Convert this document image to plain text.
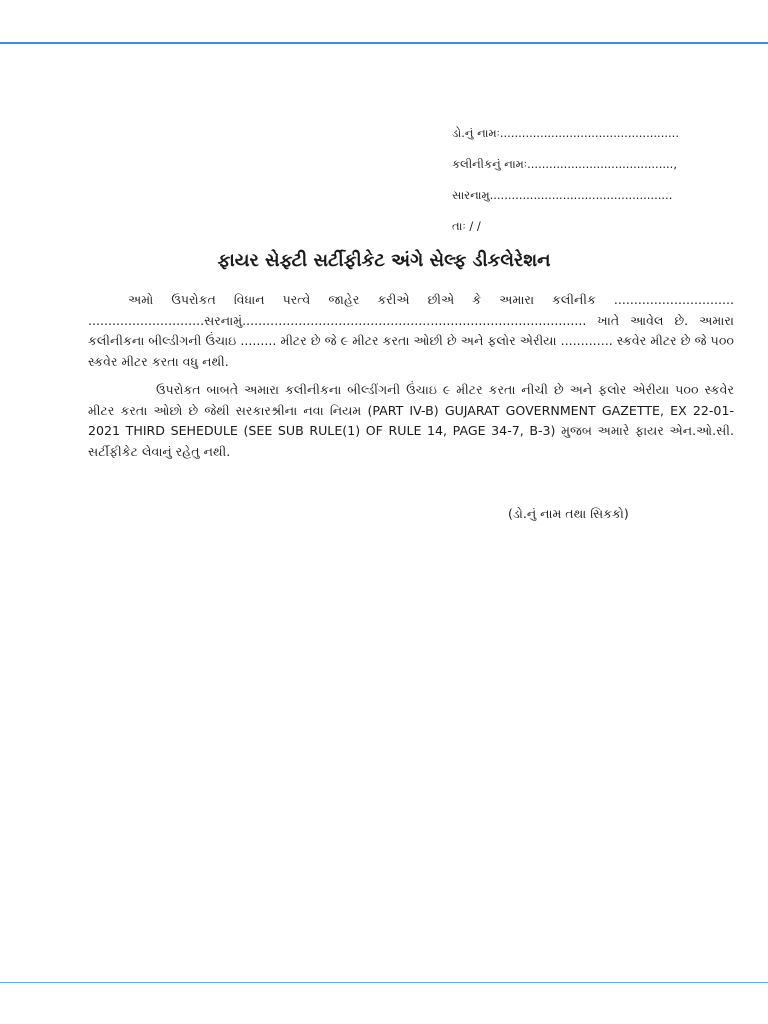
ડો.નું નામઃ.................................................
કલીનીકનું નામઃ........................................,
સારનામુ..................................................
તાઃ / /
ફાયર સેફ્ટી સર્ટીફીકેટ અંગે સેલ્ફ ડીકલેરેશન
અમો ઉપરોકત વિધાન પરત્વે જાહેર કરીએ છીએ કે અમારા કલીનીક .............................. .............................સરનામું...................................................................................... ખાતે આવેલ છે. અમારા કલીનીકના બીલ્ડીગની ઉંચાઇ ......... મીટર છે જે ૯ મીટર કરતા ઓછી છે અને ફલોર એરીયા ............. સ્કવેર મીટર છે જે ૫૦૦ સ્કવેર મીટર કરતા વધુ નથી.
ઉપરોકત બાબતે અમારા કલીનીકના બીલ્ડીંગની ઉંચાઇ ૯ મીટર કરતા નીચી છે અને ફલોર એરીયા ૫૦૦ સ્કવેર મીટર કરતા ઓછો છે જેથી સરકારશ્રીના નવા નિયમ (PART IV-B) GUJARAT GOVERNMENT GAZETTE, EX 22-01-2021 THIRD SEHEDULE (SEE SUB RULE(1) OF RULE 14, PAGE 34-7, B-3) મુજબ અમારે ફાયર એન.ઓ.સી. સર્ટીફીકેટ લેવાનું રહેતુ નથી.
(ડો.નું નામ તથા સિકકો)
